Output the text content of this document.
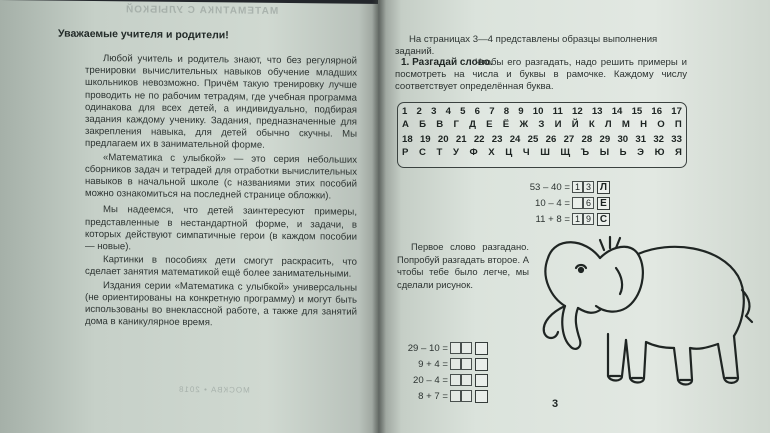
МАТЕМАТИКА С УЛЫБКОЙ
Уважаемые учителя и родители!

Любой учитель и родитель знают, что без регулярной тренировки вычислительных навыков обучение младших школьников невозможно. Причём такую тренировку лучше проводить не по рабочим тетрадям, где учебная программа одинакова для всех детей, а индивидуально, подбирая задания каждому ученику. Задания, предназначенные для закрепления навыка, для детей обычно скучны. Мы предлагаем их в занимательной форме.

«Математика с улыбкой» — это серия небольших сборников задач и тетрадей для отработки вычислительных навыков в начальной школе (с названиями этих пособий можно ознакомиться на последней странице обложки).

Мы надеемся, что детей заинтересуют примеры, представленные в нестандартной форме, и задачи, в которых действуют симпатичные герои (в каждом пособии — новые).

Картинки в пособиях дети смогут раскрасить, что сделает занятия математикой ещё более занимательными.

Издания серии «Математика с улыбкой» универсальны (не ориентированы на конкретную программу) и могут быть использованы во внеклассной работе, а также для занятий дома в каникулярное время.

МОСКВА • 2018
На страницах 3—4 представлены образцы выполнения заданий.
1. Разгадай слово.
Чтобы его разгадать, надо решить примеры и посмотреть на числа и буквы в рамочке. Каждому числу соответствует определённая буква.
1 2 3 4 5 6 7 8 9 10 11 12 13 14 15 16 17
А Б В Г Д Е Ё Ж З И Й К Л М Н О П
18 19 20 21 22 23 24 25 26 27 28 29 30 31 32 33
Р С Т У Ф Х Ц Ч Ш Щ Ъ Ы Ь Э Ю Я
53 – 40 = 1 3 Л
10 – 4 =	6 Е
11 + 8 = 1 9 С
Первое слово разгадано. Попробуй разгадать второе. А чтобы тебе было легче, мы сделали рисунок.
29 – 10 =
9 + 4 =
20 – 4 =
8 + 7 =
3
